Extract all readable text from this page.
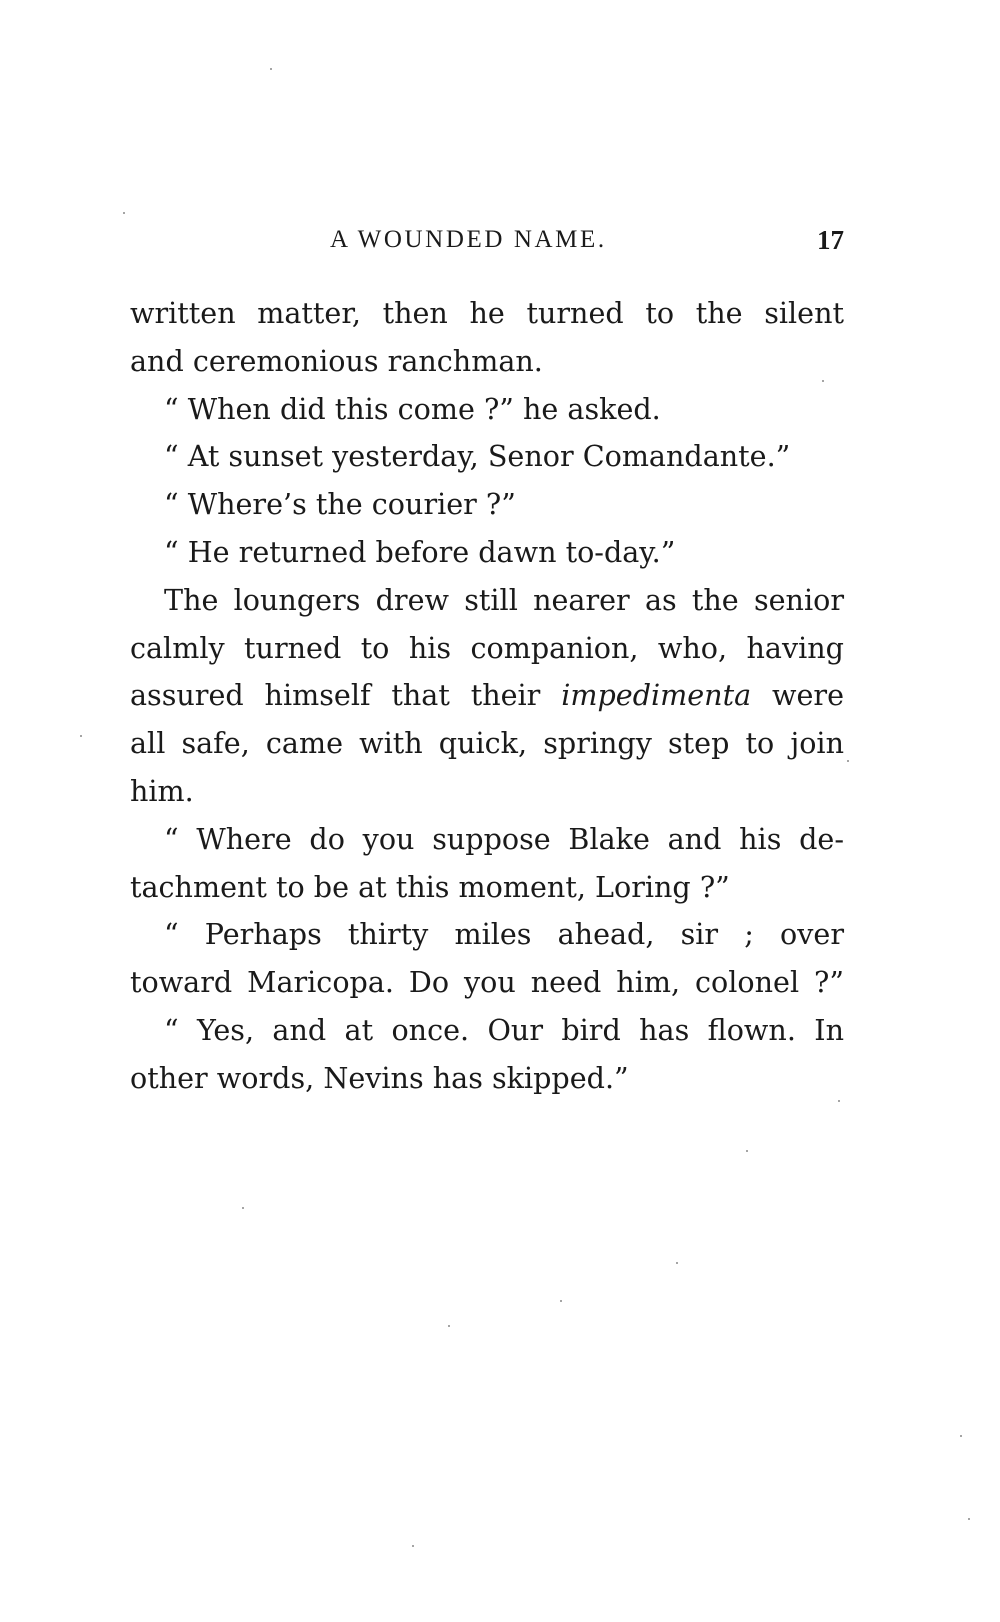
A WOUNDED NAME.	17
written matter, then he turned to the silent
and ceremonious ranchman.
“ When did this come ?” he asked.
“ At sunset yesterday, Senor Comandante.”
“ Where’s the courier ?”
“ He returned before dawn to-day.”
The loungers drew still nearer as the senior
calmly turned to his companion, who, having
assured himself that their impedimenta were
all safe, came with quick, springy step to join
him.
“ Where do you suppose Blake and his de-
tachment to be at this moment, Loring ?”
“ Perhaps thirty miles ahead, sir ; over
toward Maricopa. Do you need him, colonel ?”
“ Yes, and at once. Our bird has flown. In
other words, Nevins has skipped.”
